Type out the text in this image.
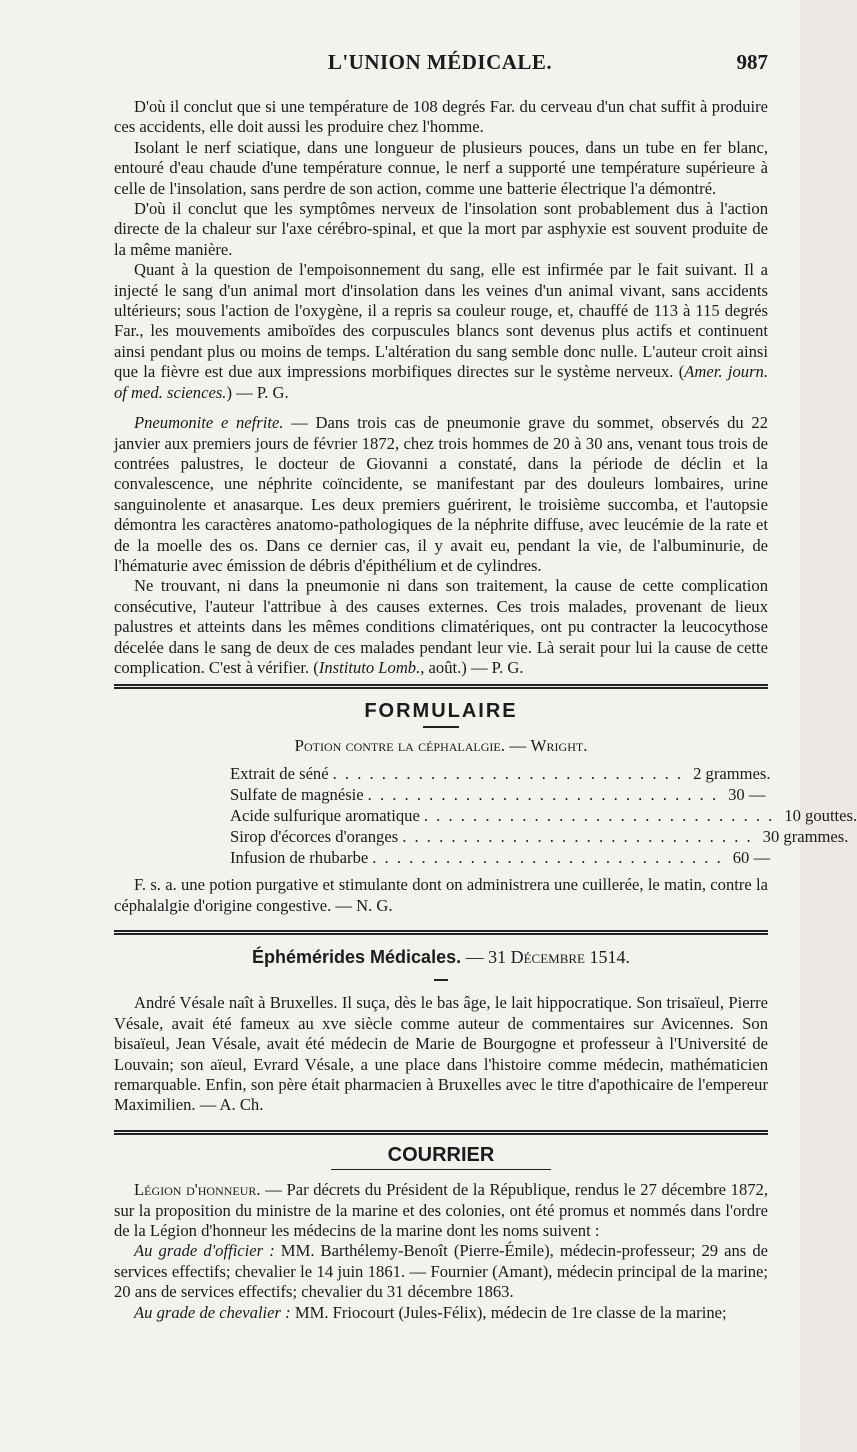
L'UNION MÉDICALE.	987

D'où il conclut que si une température de 108 degrés Far. du cerveau d'un chat suffit à produire ces accidents, elle doit aussi les produire chez l'homme.

Isolant le nerf sciatique, dans une longueur de plusieurs pouces, dans un tube en fer blanc, entouré d'eau chaude d'une température connue, le nerf a supporté une température supérieure à celle de l'insolation, sans perdre de son action, comme une batterie électrique l'a démontré.

D'où il conclut que les symptômes nerveux de l'insolation sont probablement dus à l'action directe de la chaleur sur l'axe cérébro-spinal, et que la mort par asphyxie est souvent produite de la même manière.

Quant à la question de l'empoisonnement du sang, elle est infirmée par le fait suivant. Il a injecté le sang d'un animal mort d'insolation dans les veines d'un animal vivant, sans accidents ultérieurs; sous l'action de l'oxygène, il a repris sa couleur rouge, et, chauffé de 113 à 115 degrés Far., les mouvements amiboïdes des corpuscules blancs sont devenus plus actifs et continuent ainsi pendant plus ou moins de temps. L'altération du sang semble donc nulle. L'auteur croit ainsi que la fièvre est due aux impressions morbifiques directes sur le système nerveux. (Amer. journ. of med. sciences.) — P. G.

Pneumonite e nefrite. — Dans trois cas de pneumonie grave du sommet, observés du 22 janvier aux premiers jours de février 1872, chez trois hommes de 20 à 30 ans, venant tous trois de contrées palustres, le docteur de Giovanni a constaté, dans la période de déclin et la convalescence, une néphrite coïncidente, se manifestant par des douleurs lombaires, urine sanguinolente et anasarque. Les deux premiers guérirent, le troisième succomba, et l'autopsie démontra les caractères anatomo-pathologiques de la néphrite diffuse, avec leucémie de la rate et de la moelle des os. Dans ce dernier cas, il y avait eu, pendant la vie, de l'albuminurie, de l'hématurie avec émission de débris d'épithélium et de cylindres.

Ne trouvant, ni dans la pneumonie ni dans son traitement, la cause de cette complication consécutive, l'auteur l'attribue à des causes externes. Ces trois malades, provenant de lieux palustres et atteints dans les mêmes conditions climatériques, ont pu contracter la leucocythose décelée dans le sang de deux de ces malades pendant leur vie. Là serait pour lui la cause de cette complication. C'est à vérifier. (Instituto Lomb., août.) — P. G.

FORMULAIRE
Potion contre la céphalalgie. — Wright.
Extrait de séné . . . . . . . . . . . . . . . . . . . . . . . . . . . . . 2 grammes.
Sulfate de magnésie . . . . . . . . . . . . . . . . . . . . . . . . . . . . . 30 —
Acide sulfurique aromatique . . . . . . . . . . . . . . . . . . . . . . . . . . . . . 10 gouttes.
Sirop d'écorces d'oranges . . . . . . . . . . . . . . . . . . . . . . . . . . . . . 30 grammes.
Infusion de rhubarbe . . . . . . . . . . . . . . . . . . . . . . . . . . . . . 60 —

F. s. a. une potion purgative et stimulante dont on administrera une cuillerée, le matin, contre la céphalalgie d'origine congestive. — N. G.

Éphémérides Médicales. — 31 Décembre 1514.

André Vésale naît à Bruxelles. Il suça, dès le bas âge, le lait hippocratique. Son trisaïeul, Pierre Vésale, avait été fameux au xve siècle comme auteur de commentaires sur Avicennes. Son bisaïeul, Jean Vésale, avait été médecin de Marie de Bourgogne et professeur à l'Université de Louvain; son aïeul, Evrard Vésale, a une place dans l'histoire comme médecin, mathématicien remarquable. Enfin, son père était pharmacien à Bruxelles avec le titre d'apothicaire de l'empereur Maximilien. — A. Ch.

COURRIER

Légion d'honneur. — Par décrets du Président de la République, rendus le 27 décembre 1872, sur la proposition du ministre de la marine et des colonies, ont été promus et nommés dans l'ordre de la Légion d'honneur les médecins de la marine dont les noms suivent :

Au grade d'officier : MM. Barthélemy-Benoît (Pierre-Émile), médecin-professeur; 29 ans de services effectifs; chevalier le 14 juin 1861. — Fournier (Amant), médecin principal de la marine; 20 ans de services effectifs; chevalier du 31 décembre 1863.

Au grade de chevalier : MM. Friocourt (Jules-Félix), médecin de 1re classe de la marine;
